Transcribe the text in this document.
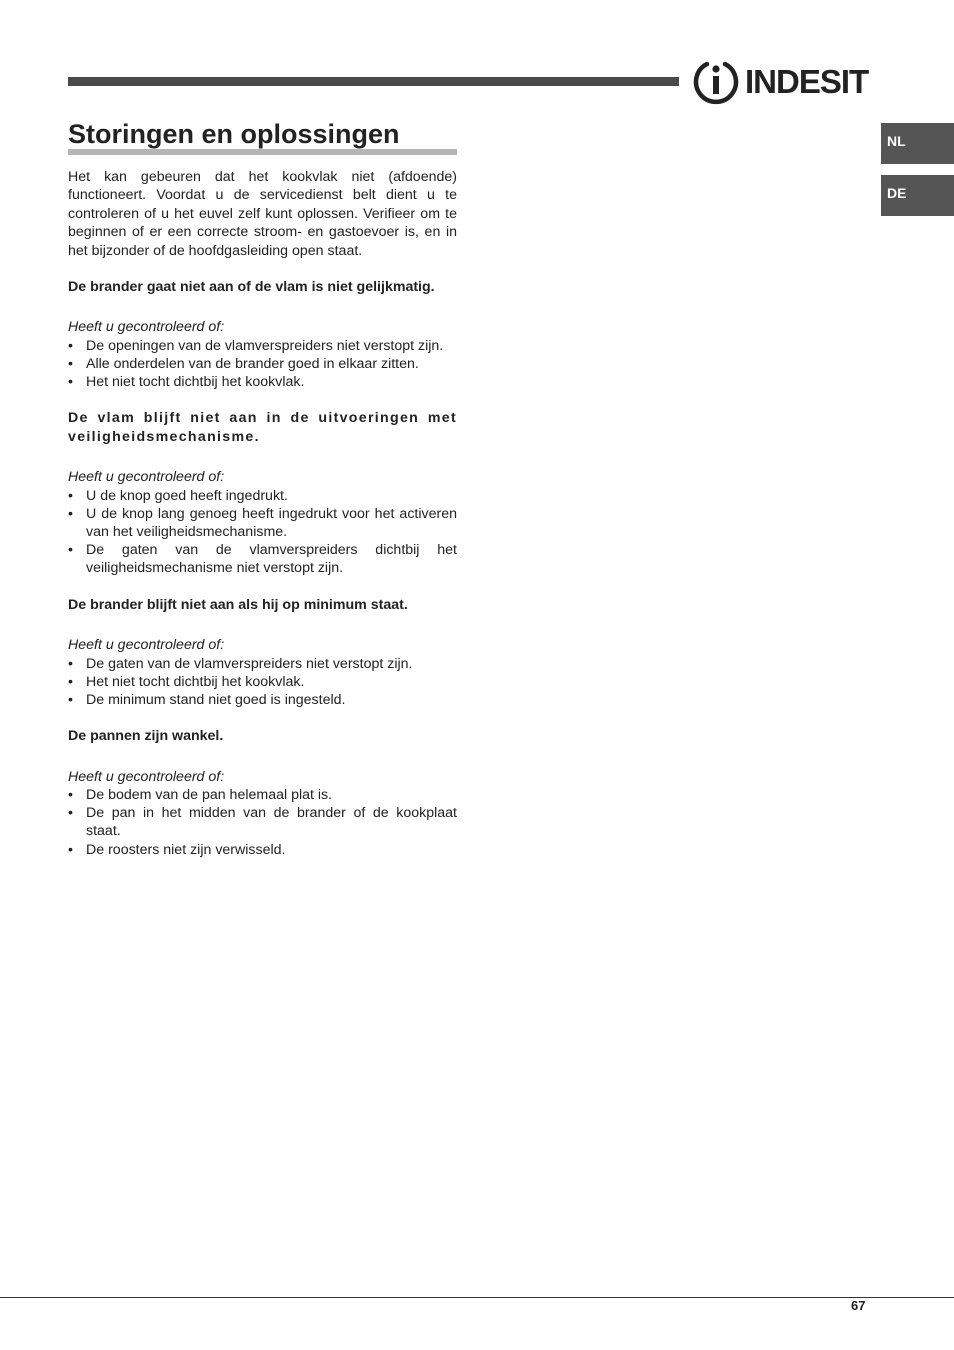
INDESIT
NL
DE
Storingen en oplossingen

Het kan gebeuren dat het kookvlak niet (afdoende) functioneert. Voordat u de servicedienst belt dient u te controleren of u het euvel zelf kunt oplossen. Verifieer om te beginnen of er een correcte stroom- en gastoevoer is, en in het bijzonder of de hoofdgasleiding open staat.

De brander gaat niet aan of de vlam is niet gelijkmatig.

Heeft u gecontroleerd of:

• De openingen van de vlamverspreiders niet verstopt zijn.
• Alle onderdelen van de brander goed in elkaar zitten.
• Het niet tocht dichtbij het kookvlak.

De vlam blijft niet aan in de uitvoeringen met veiligheidsmechanisme.

Heeft u gecontroleerd of:

• U de knop goed heeft ingedrukt.
• U de knop lang genoeg heeft ingedrukt voor het activeren van het veiligheidsmechanisme.
• De gaten van de vlamverspreiders dichtbij het veiligheidsmechanisme niet verstopt zijn.

De brander blijft niet aan als hij op minimum staat.

Heeft u gecontroleerd of:

• De gaten van de vlamverspreiders niet verstopt zijn.
• Het niet tocht dichtbij het kookvlak.
• De minimum stand niet goed is ingesteld.

De pannen zijn wankel.

Heeft u gecontroleerd of:

• De bodem van de pan helemaal plat is.
• De pan in het midden van de brander of de kookplaat staat.
• De roosters niet zijn verwisseld.
67
